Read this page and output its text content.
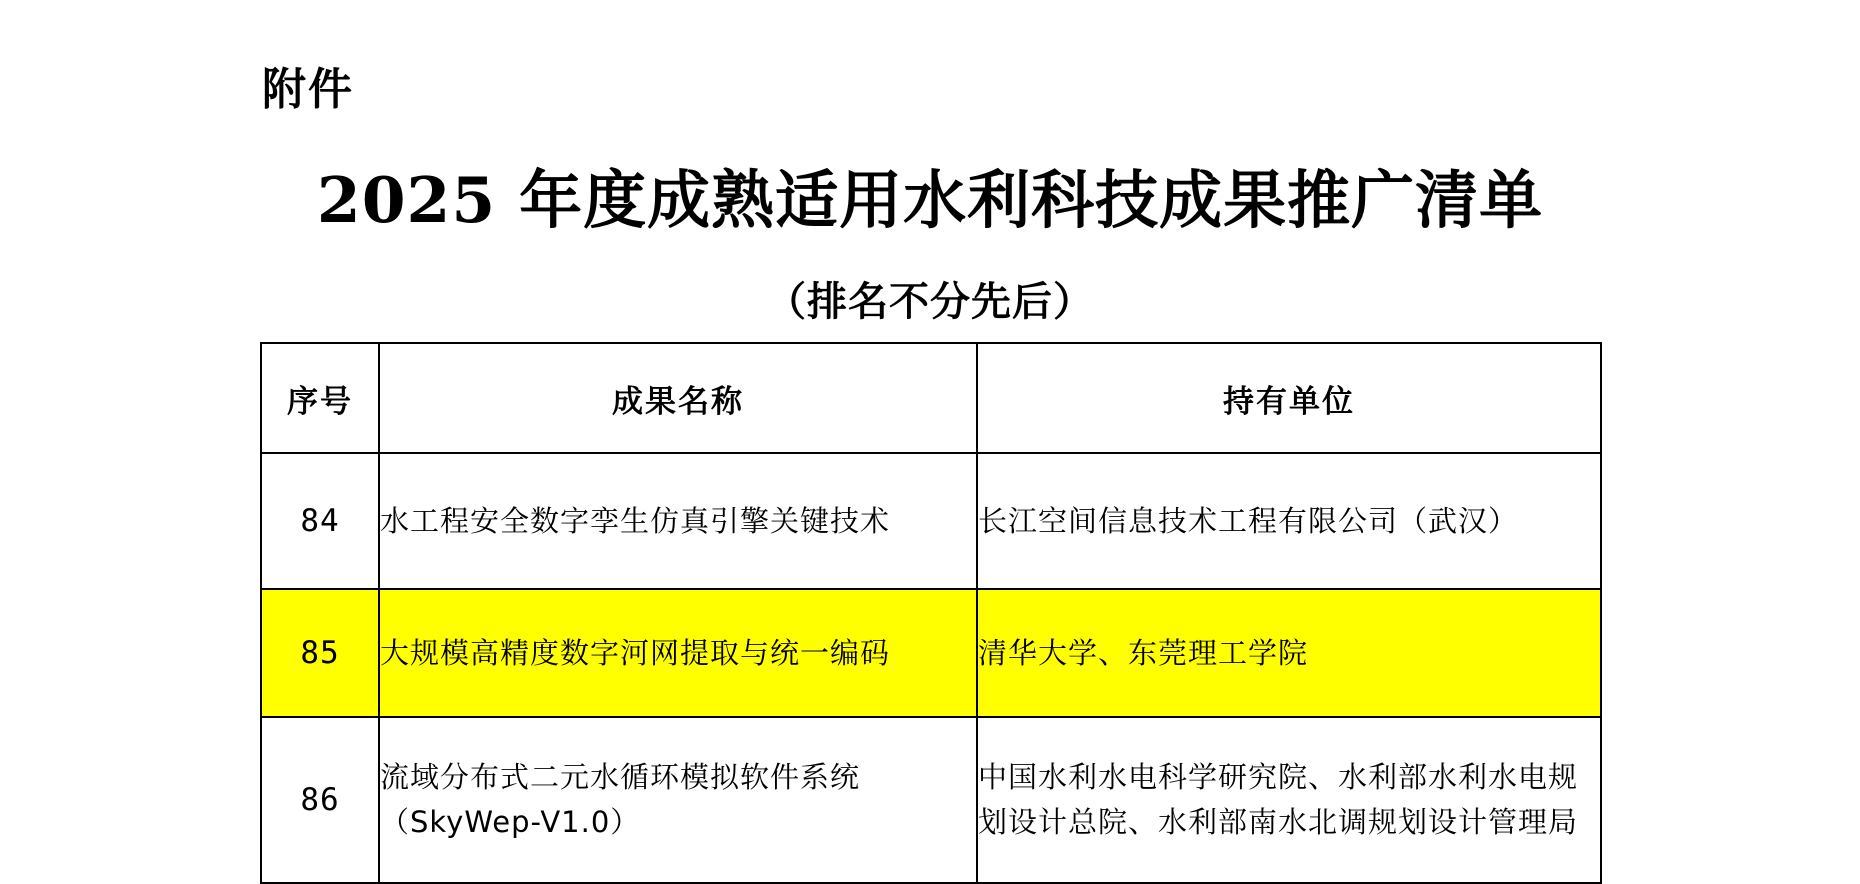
附件
2025 年度成熟适用水利科技成果推广清单
（排名不分先后）
序号	成果名称	持有单位
84	水工程安全数字孪生仿真引擎关键技术	长江空间信息技术工程有限公司（武汉）
85	大规模高精度数字河网提取与统一编码	清华大学、东莞理工学院
86	流域分布式二元水循环模拟软件系统（SkyWep-V1.0）	中国水利水电科学研究院、水利部水利水电规划设计总院、水利部南水北调规划设计管理局
